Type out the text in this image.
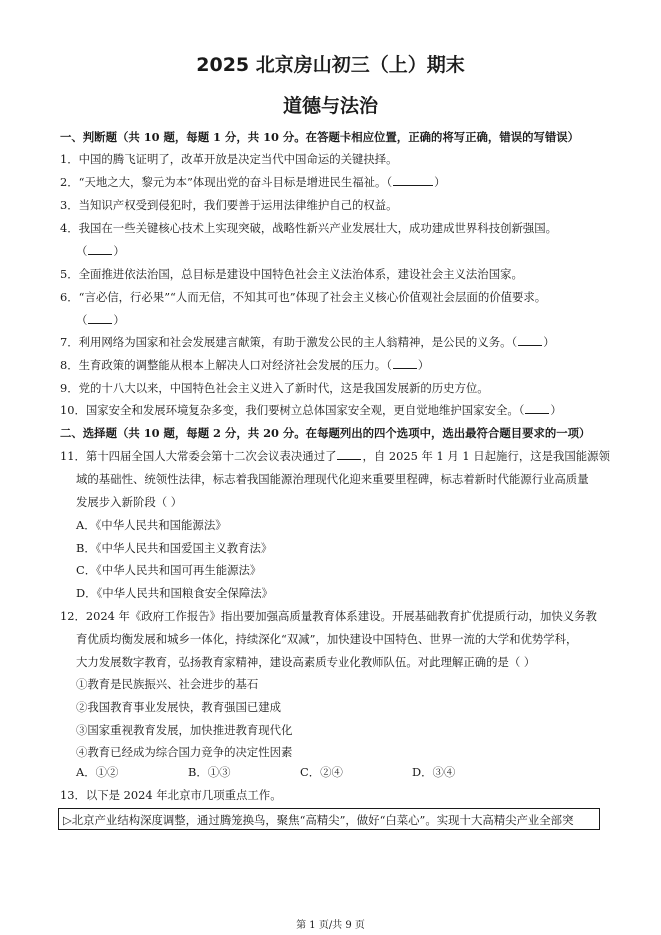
2025 北京房山初三（上）期末
道德与法治
一、判断题（共 10 题，每题 1 分，共 10 分。在答题卡相应位置，正确的将写正确，错误的写错误）
1．中国的腾飞证明了，改革开放是决定当代中国命运的关键抉择。
2．“天地之大，黎元为本”体现出党的奋斗目标是增进民生福祉。（	）
3．当知识产权受到侵犯时，我们要善于运用法律维护自己的权益。
4．我国在一些关键核心技术上实现突破，战略性新兴产业发展壮大，成功建成世界科技创新强国。
（ ）
5．全面推进依法治国，总目标是建设中国特色社会主义法治体系，建设社会主义法治国家。
6．“言必信，行必果”“人而无信，不知其可也”体现了社会主义核心价值观社会层面的价值要求。
（ ）
7．利用网络为国家和社会发展建言献策，有助于激发公民的主人翁精神，是公民的义务。（ ）
8．生育政策的调整能从根本上解决人口对经济社会发展的压力。（ ）
9．党的十八大以来，中国特色社会主义进入了新时代，这是我国发展新的历史方位。
10．国家安全和发展环境复杂多变，我们要树立总体国家安全观，更自觉地维护国家安全。（ ）
二、选择题（共 10 题，每题 2 分，共 20 分。在每题列出的四个选项中，选出最符合题目要求的一项）
11．第十四届全国人大常委会第十二次会议表决通过了 ，自 2025 年 1 月 1 日起施行，这是我国能源领
域的基础性、统领性法律，标志着我国能源治理现代化迎来重要里程碑，标志着新时代能源行业高质量
发展步入新阶段（ ）
A．《中华人民共和国能源法》
B．《中华人民共和国爱国主义教育法》
C．《中华人民共和国可再生能源法》
D．《中华人民共和国粮食安全保障法》
12．2024 年《政府工作报告》指出要加强高质量教育体系建设。开展基础教育扩优提质行动，加快义务教
育优质均衡发展和城乡一体化，持续深化“双减”，加快建设中国特色、世界一流的大学和优势学科，
大力发展数字教育，弘扬教育家精神，建设高素质专业化教师队伍。对此理解正确的是（ ）
①教育是民族振兴、社会进步的基石
②我国教育事业发展快，教育强国已建成
③国家重视教育发展，加快推进教育现代化
④教育已经成为综合国力竞争的决定性因素
A．①②	B．①③	C．②④	D．③④
13．以下是 2024 年北京市几项重点工作。
▷北京产业结构深度调整，通过腾笼换鸟，聚焦“高精尖”，做好“白菜心”。实现十大高精尖产业全部突
第 1 页/共 9 页
